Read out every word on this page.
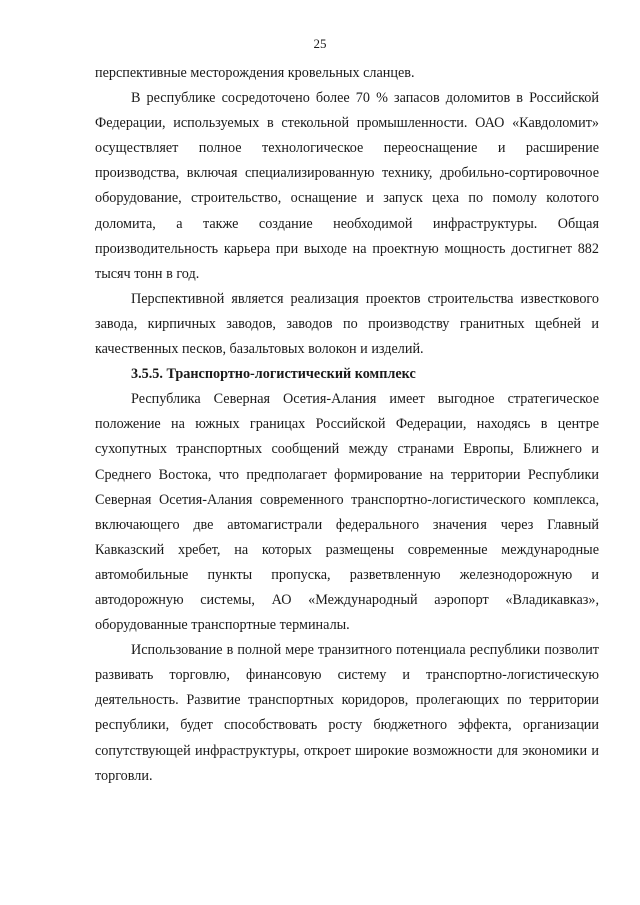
25

перспективные месторождения кровельных сланцев.

В республике сосредоточено более 70 % запасов доломитов в Российской Федерации, используемых в стекольной промышленности. ОАО «Кавдоломит» осуществляет полное технологическое переоснащение и расширение производства, включая специализированную технику, дробильно-сортировочное оборудование, строительство, оснащение и запуск цеха по помолу колотого доломита, а также создание необходимой инфраструктуры. Общая производительность карьера при выходе на проектную мощность достигнет 882 тысяч тонн в год.

Перспективной является реализация проектов строительства известкового завода, кирпичных заводов, заводов по производству гранитных щебней и качественных песков, базальтовых волокон и изделий.

3.5.5. Транспортно-логистический комплекс

Республика Северная Осетия-Алания имеет выгодное стратегическое положение на южных границах Российской Федерации, находясь в центре сухопутных транспортных сообщений между странами Европы, Ближнего и Среднего Востока, что предполагает формирование на территории Республики Северная Осетия-Алания современного транспортно-логистического комплекса, включающего две автомагистрали федерального значения через Главный Кавказский хребет, на которых размещены современные международные автомобильные пункты пропуска, разветвленную железнодорожную и автодорожную системы, АО «Международный аэропорт «Владикавказ», оборудованные транспортные терминалы.

Использование в полной мере транзитного потенциала республики позволит развивать торговлю, финансовую систему и транспортно-логистическую деятельность. Развитие транспортных коридоров, пролегающих по территории республики, будет способствовать росту бюджетного эффекта, организации сопутствующей инфраструктуры, откроет широкие возможности для экономики и торговли.
